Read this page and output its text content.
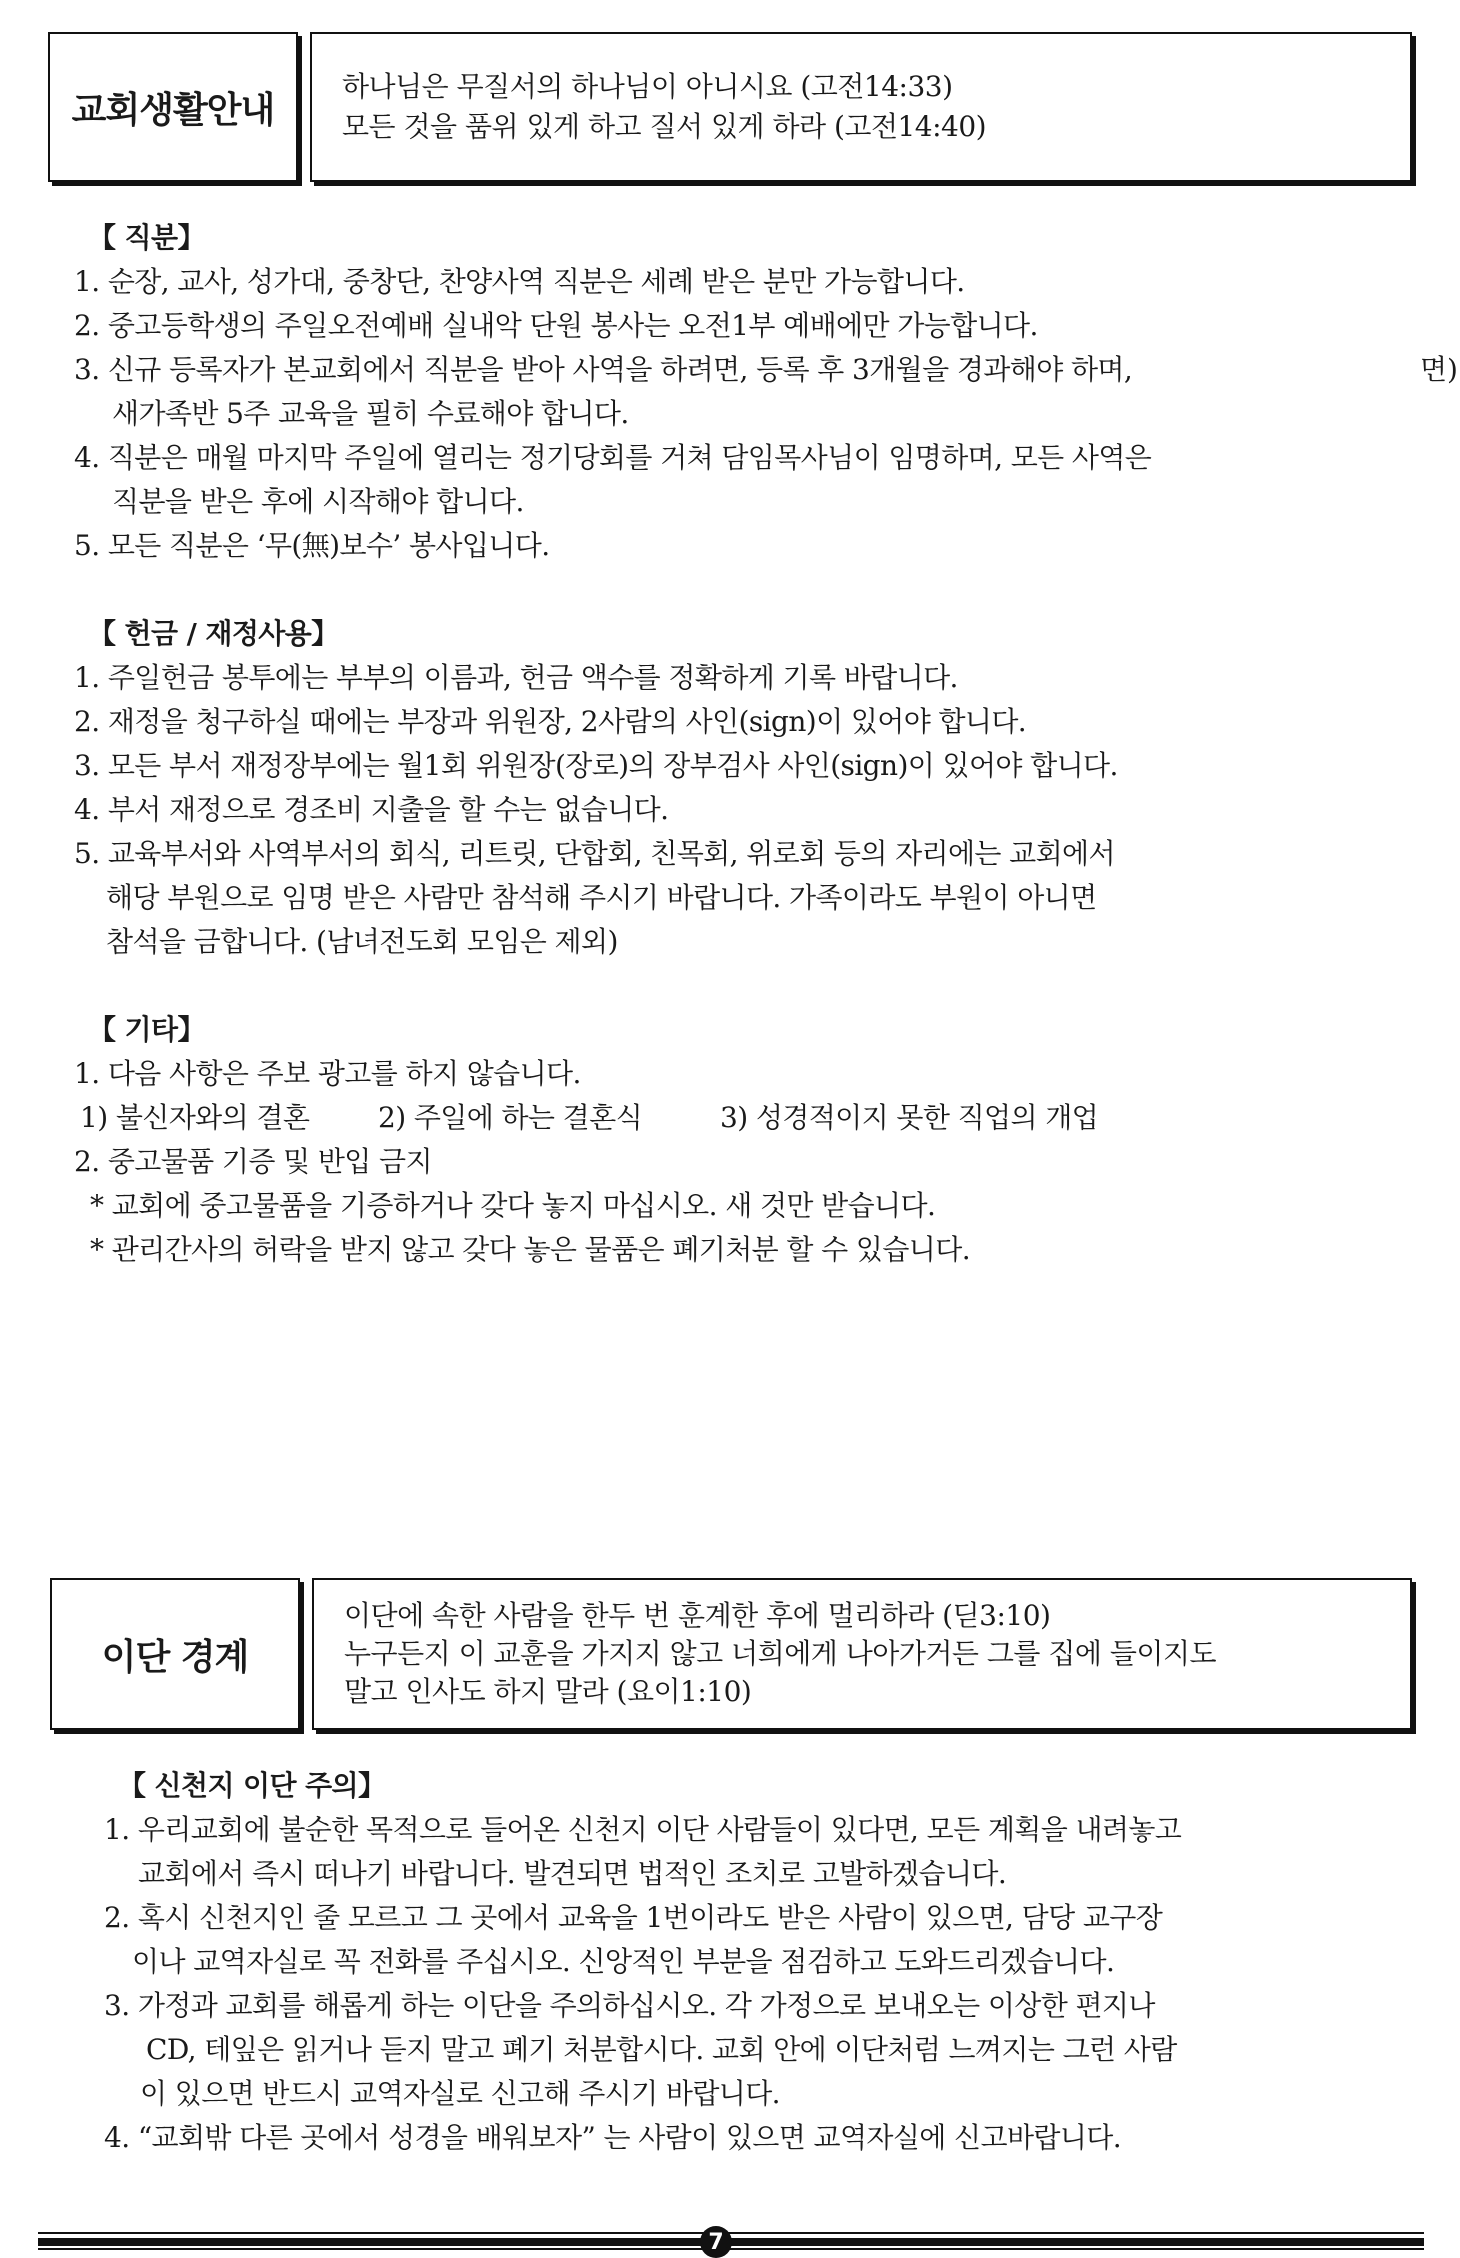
교회생활안내
하나님은 무질서의 하나님이 아니시요 (고전14:33)
모든 것을 품위 있게 하고 질서 있게 하라 (고전14:40)
【 직분】
1. 순장, 교사, 성가대, 중창단, 찬양사역 직분은 세례 받은 분만 가능합니다.
2. 중고등학생의 주일오전예배 실내악 단원 봉사는 오전1부 예배에만 가능합니다.
3. 신규 등록자가 본교회에서 직분을 받아 사역을 하려면, 등록 후 3개월을 경과해야 하며,
새가족반 5주 교육을 필히 수료해야 합니다.
4. 직분은 매월 마지막 주일에 열리는 정기당회를 거쳐 담임목사님이 임명하며, 모든 사역은
직분을 받은 후에 시작해야 합니다.
5. 모든 직분은 ‘무(無)보수’ 봉사입니다.
면)
【 헌금 / 재정사용】
1. 주일헌금 봉투에는 부부의 이름과, 헌금 액수를 정확하게 기록 바랍니다.
2. 재정을 청구하실 때에는 부장과 위원장, 2사람의 사인(sign)이 있어야 합니다.
3. 모든 부서 재정장부에는 월1회 위원장(장로)의 장부검사 사인(sign)이 있어야 합니다.
4. 부서 재정으로 경조비 지출을 할 수는 없습니다.
5. 교육부서와 사역부서의 회식, 리트릿, 단합회, 친목회, 위로회 등의 자리에는 교회에서
해당 부원으로 임명 받은 사람만 참석해 주시기 바랍니다. 가족이라도 부원이 아니면
참석을 금합니다. (남녀전도회 모임은 제외)
【 기타】
1. 다음 사항은 주보 광고를 하지 않습니다.
1) 불신자와의 결혼 2) 주일에 하는 결혼식	3) 성경적이지 못한 직업의 개업
2. 중고물품 기증 및 반입 금지
* 교회에 중고물품을 기증하거나 갖다 놓지 마십시오. 새 것만 받습니다.
* 관리간사의 허락을 받지 않고 갖다 놓은 물품은 폐기처분 할 수 있습니다.
이단 경계
이단에 속한 사람을 한두 번 훈계한 후에 멀리하라 (딛3:10)
누구든지 이 교훈을 가지지 않고 너희에게 나아가거든 그를 집에 들이지도
말고 인사도 하지 말라 (요이1:10)
【 신천지 이단 주의】
1. 우리교회에 불순한 목적으로 들어온 신천지 이단 사람들이 있다면, 모든 계획을 내려놓고
교회에서 즉시 떠나기 바랍니다. 발견되면 법적인 조치로 고발하겠습니다.
2. 혹시 신천지인 줄 모르고 그 곳에서 교육을 1번이라도 받은 사람이 있으면, 담당 교구장
이나 교역자실로 꼭 전화를 주십시오. 신앙적인 부분을 점검하고 도와드리겠습니다.
3. 가정과 교회를 해롭게 하는 이단을 주의하십시오. 각 가정으로 보내오는 이상한 편지나
CD, 테잎은 읽거나 듣지 말고 폐기 처분합시다. 교회 안에 이단처럼 느껴지는 그런 사람
이 있으면 반드시 교역자실로 신고해 주시기 바랍니다.
4. “교회밖 다른 곳에서 성경을 배워보자” 는 사람이 있으면 교역자실에 신고바랍니다.
7
